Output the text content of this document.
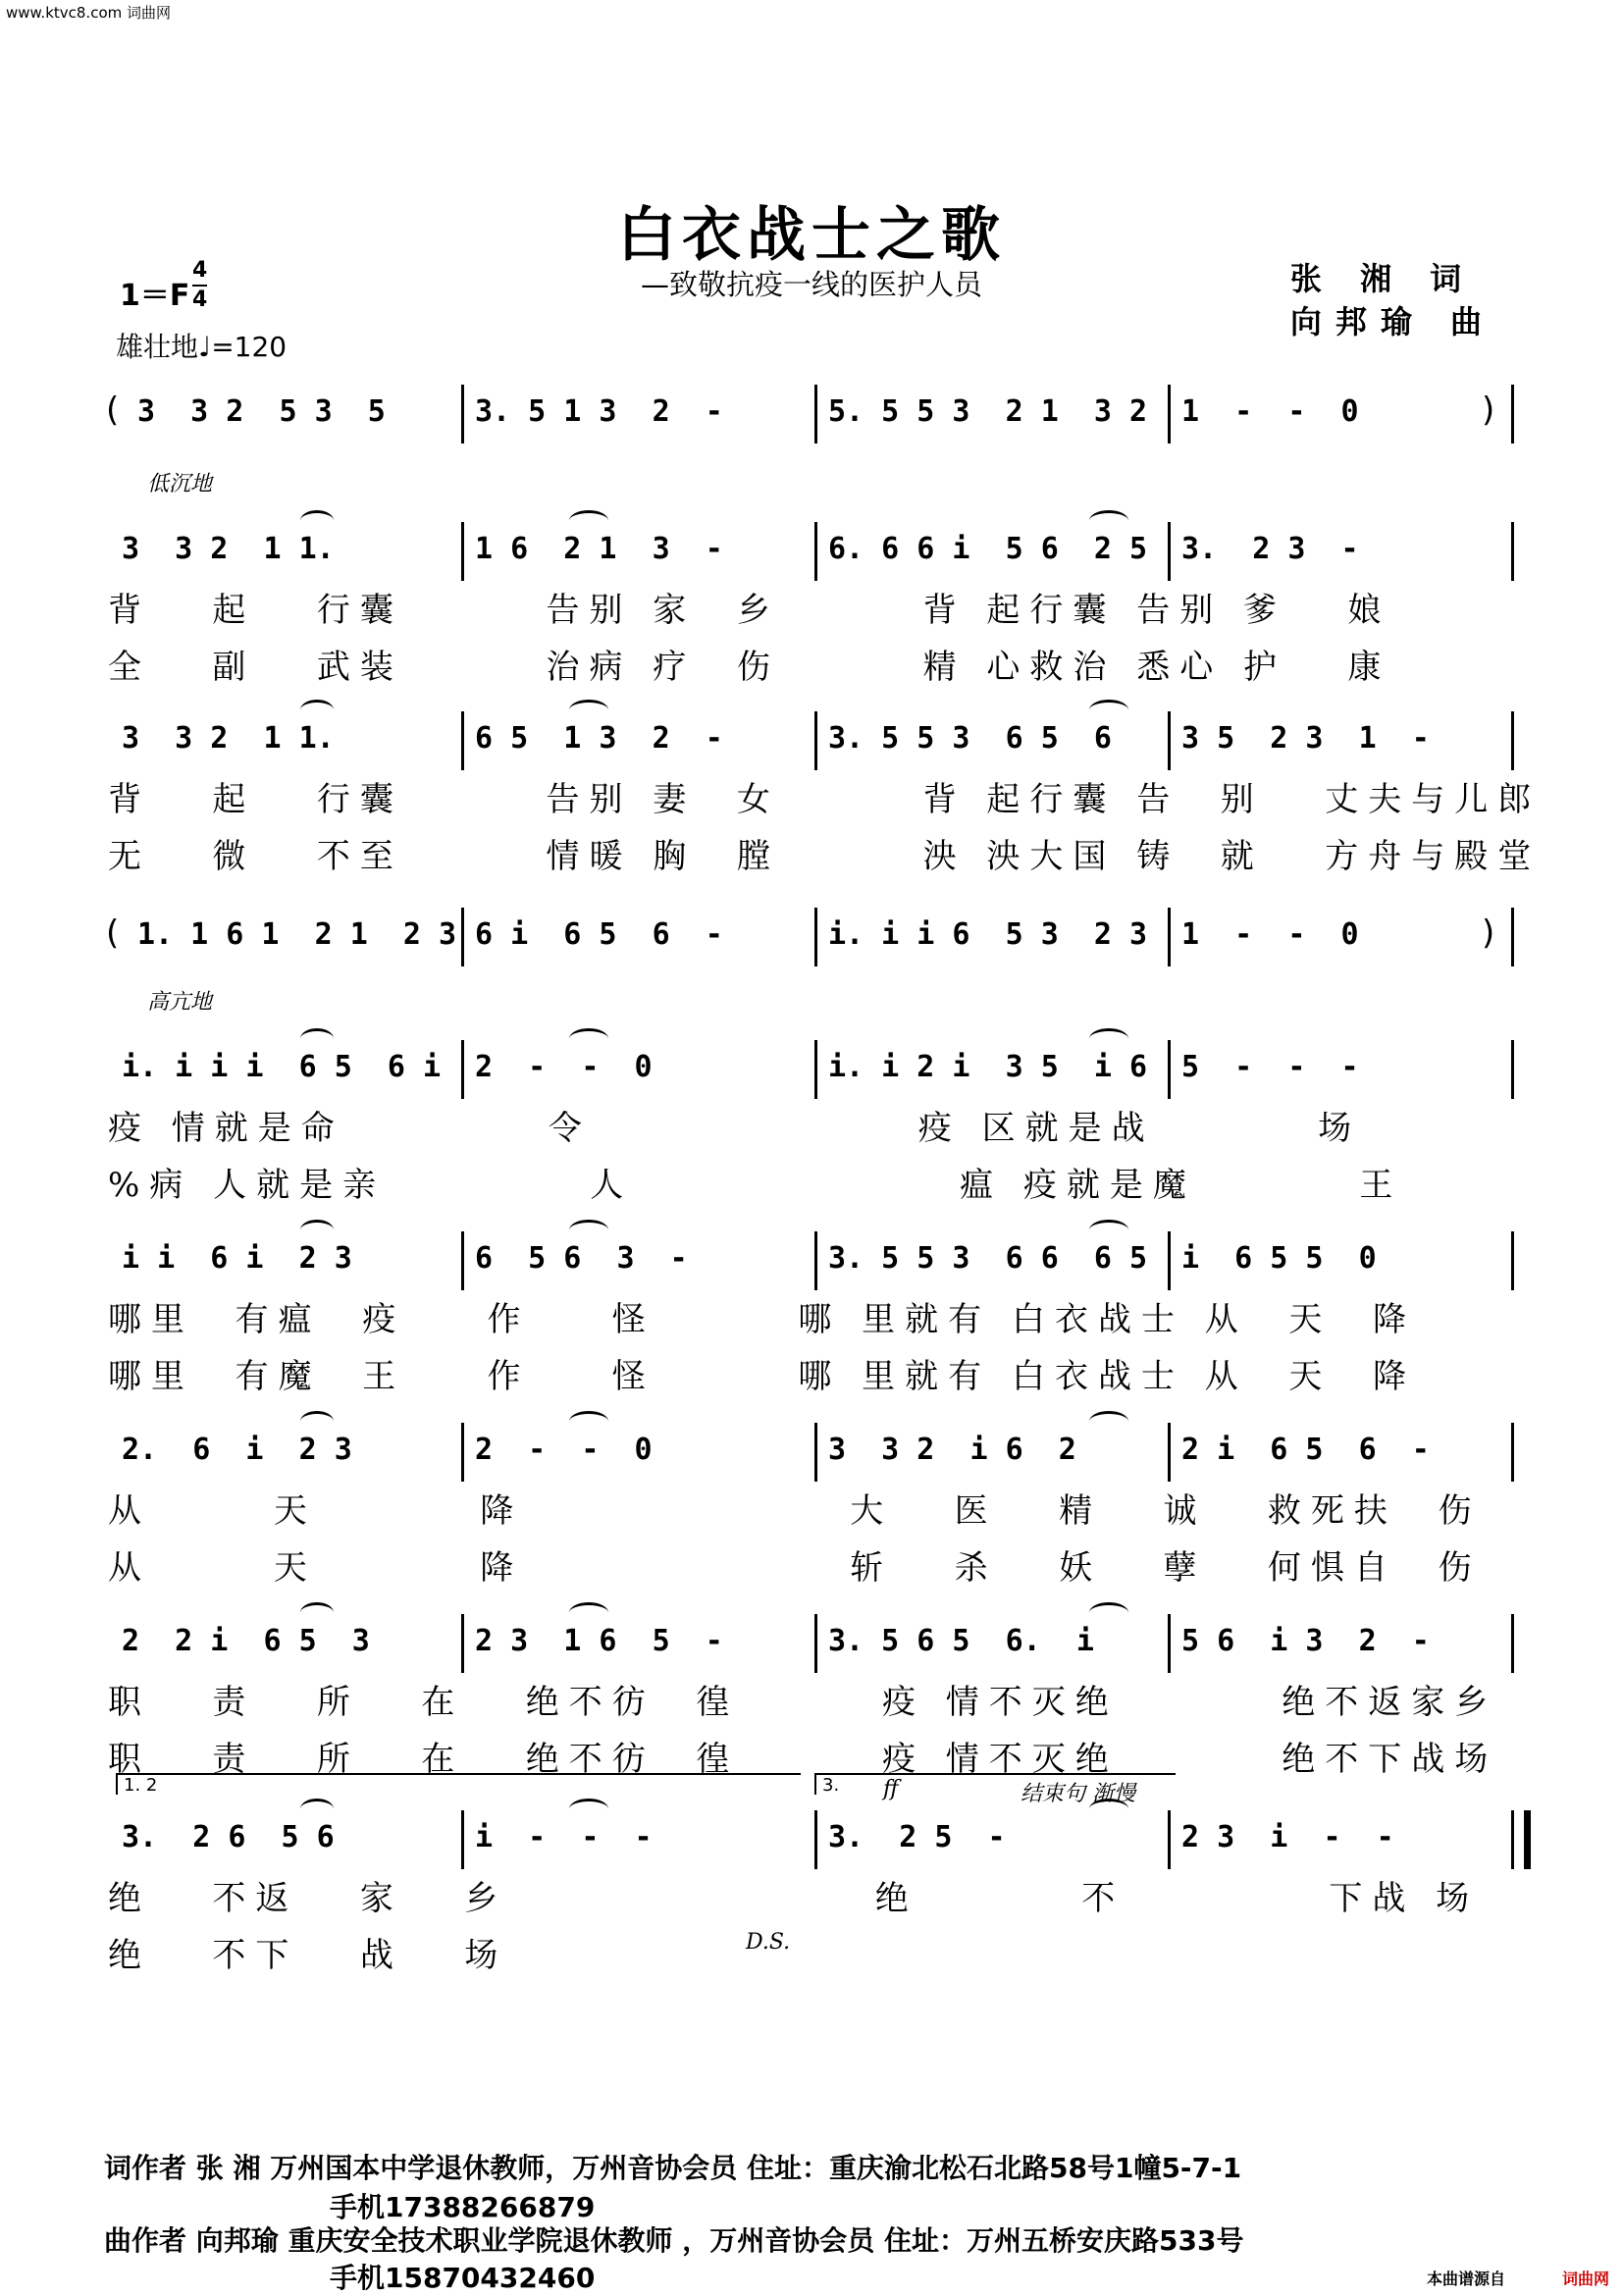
www.ktvc8.com 词曲网
白衣战士之歌
—致敬抗疫一线的医护人员
1＝F
4
4
雄壮地♩=120
张 湘 词
向邦瑜 曲
(	)
3  3 2  5 3  5	3. 5 1 3  2  -	5. 5 5 3  2 1  3 2 1  -  -  0
低沉地
3  3 2  1 1.	1 6  2 1  3  -	6. 6 6 i  5 6  2 5 3.  2 3  -
背   起   行囊       告别 家  乡       背 起行囊 告别 爹   娘
全   副   武装       治病 疗  伤       精 心救治 悉心 护   康
3  3 2  1 1.	6 5  1 3  2  -	3. 5 5 3  6 5  6 3 5  2 3  1  -
背   起   行囊       告别 妻  女       背 起行囊 告  别   丈夫与儿郎
无   微   不至       情暖 胸  膛       泱 泱大国 铸  就   方舟与殿堂
(	)
1. 1 6 1  2 1  2 3 6 i  6 5  6  -	i. i i 6  5 3  2 3 1  -  -  0
高亢地
i. i i i  6 5  6 i 2  -  -  0	i. i 2 i  3 5  i 6 5  -  -  -
疫 情就是命          令                疫 区就是战        场
%病 人就是亲          人                瘟 疫就是魔        王
i i  6 i  2 3	6  5 6  3  -	3. 5 5 3  6 6  6 5 i  6 5 5  0
哪里  有瘟  疫    作    怪       哪 里就有 白衣战士 从  天  降
哪里  有魔  王    作    怪       哪 里就有 白衣战士 从  天  降
2.  6  i  2 3	2  -  -  0	3  3 2  i 6  2	2 i  6 5  6  -
从      天        降                大   医   精   诚   救死扶  伤
从      天        降                斩   杀   妖   孽   何惧自  伤
2  2 i  6 5  3	2 3  1 6  5  -	3. 5 6 5  6.  i	5 6  i 3  2  -
职   责   所   在   绝不彷  徨       疫 情不灭绝        绝不返家乡
职   责   所   在   绝不彷  徨       疫 情不灭绝        绝不下战场
1. 2	3.	ff	结束句 渐慢
D.S.
3.  2 6  5 6	i  -  -  -	3.  2 5  -	2 3  i  -  -
绝   不返   家   乡                  绝        不          下战 场
绝   不下   战   场
词作者 张 湘 万州国本中学退休教师，万州音协会员 住址：重庆渝北松石北路58号1幢5-7-1
手机17388266879
曲作者 向邦瑜 重庆安全技术职业学院退休教师 ，万州音协会员 住址：万州五桥安庆路533号
手机15870432460	本曲谱源自	词曲网
